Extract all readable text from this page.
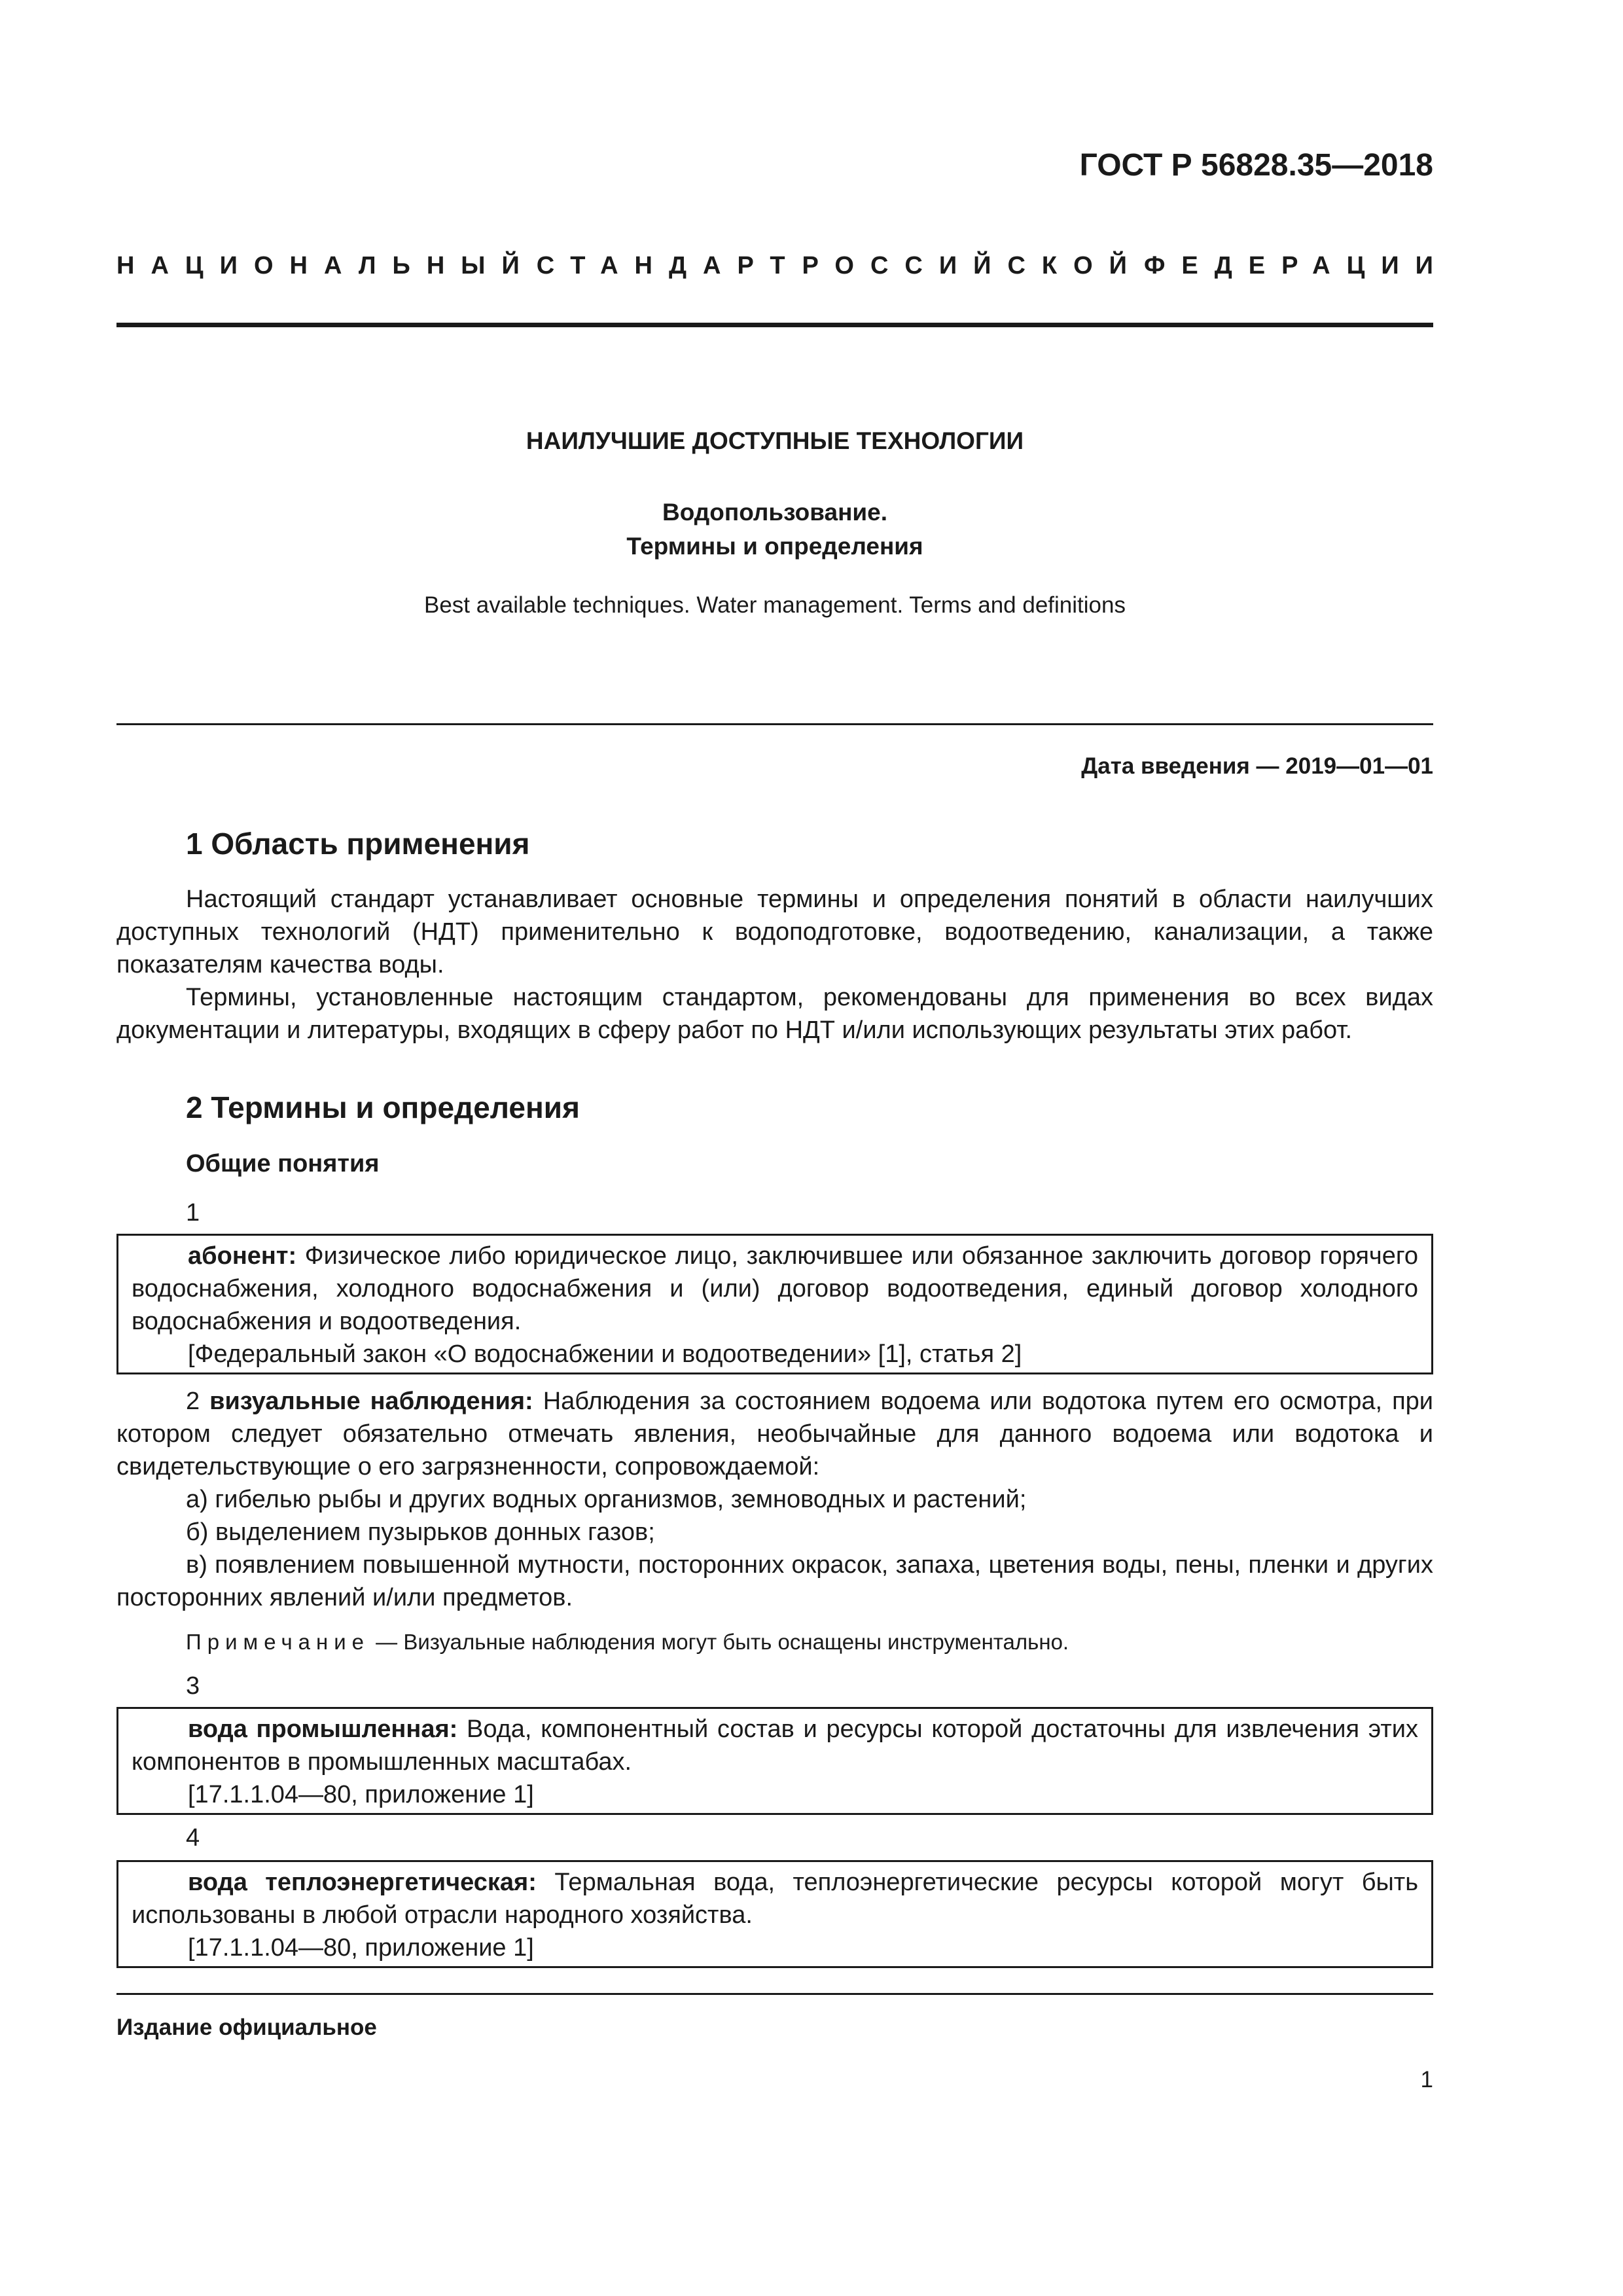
ГОСТ Р 56828.35—2018
НАЦИОНАЛЬНЫЙ СТАНДАРТ РОССИЙСКОЙ ФЕДЕРАЦИИ
НАИЛУЧШИЕ ДОСТУПНЫЕ ТЕХНОЛОГИИ
Водопользование.
Термины и определения
Best available techniques. Water management. Terms and definitions
Дата введения — 2019—01—01
1 Область применения
Настоящий стандарт устанавливает основные термины и определения понятий в области наилучших доступных технологий (НДТ) применительно к водоподготовке, водоотведению, канализации, а также показателям качества воды.
Термины, установленные настоящим стандартом, рекомендованы для применения во всех видах документации и литературы, входящих в сферу работ по НДТ и/или использующих результаты этих работ.
2 Термины и определения
Общие понятия
1

абонент: Физическое либо юридическое лицо, заключившее или обязанное заключить договор горячего водоснабжения, холодного водоснабжения и (или) договор водоотведения, единый договор холодного водоснабжения и водоотведения.

[Федеральный закон «О водоснабжении и водоотведении» [1], статья 2]

2 визуальные наблюдения: Наблюдения за состоянием водоема или водотока путем его осмотра, при котором следует обязательно отмечать явления, необычайные для данного водоема или водотока и свидетельствующие о его загрязненности, сопровождаемой:

а) гибелью рыбы и других водных организмов, земноводных и растений;

б) выделением пузырьков донных газов;

в) появлением повышенной мутности, посторонних окрасок, запаха, цветения воды, пены, пленки и других посторонних явлений и/или предметов.

Примечание — Визуальные наблюдения могут быть оснащены инструментально.
3

вода промышленная: Вода, компонентный состав и ресурсы которой достаточны для извлечения этих компонентов в промышленных масштабах.

[17.1.1.04—80, приложение 1]

4

вода теплоэнергетическая: Термальная вода, теплоэнергетические ресурсы которой могут быть использованы в любой отрасли народного хозяйства.

[17.1.1.04—80, приложение 1]

Издание официальное
1
